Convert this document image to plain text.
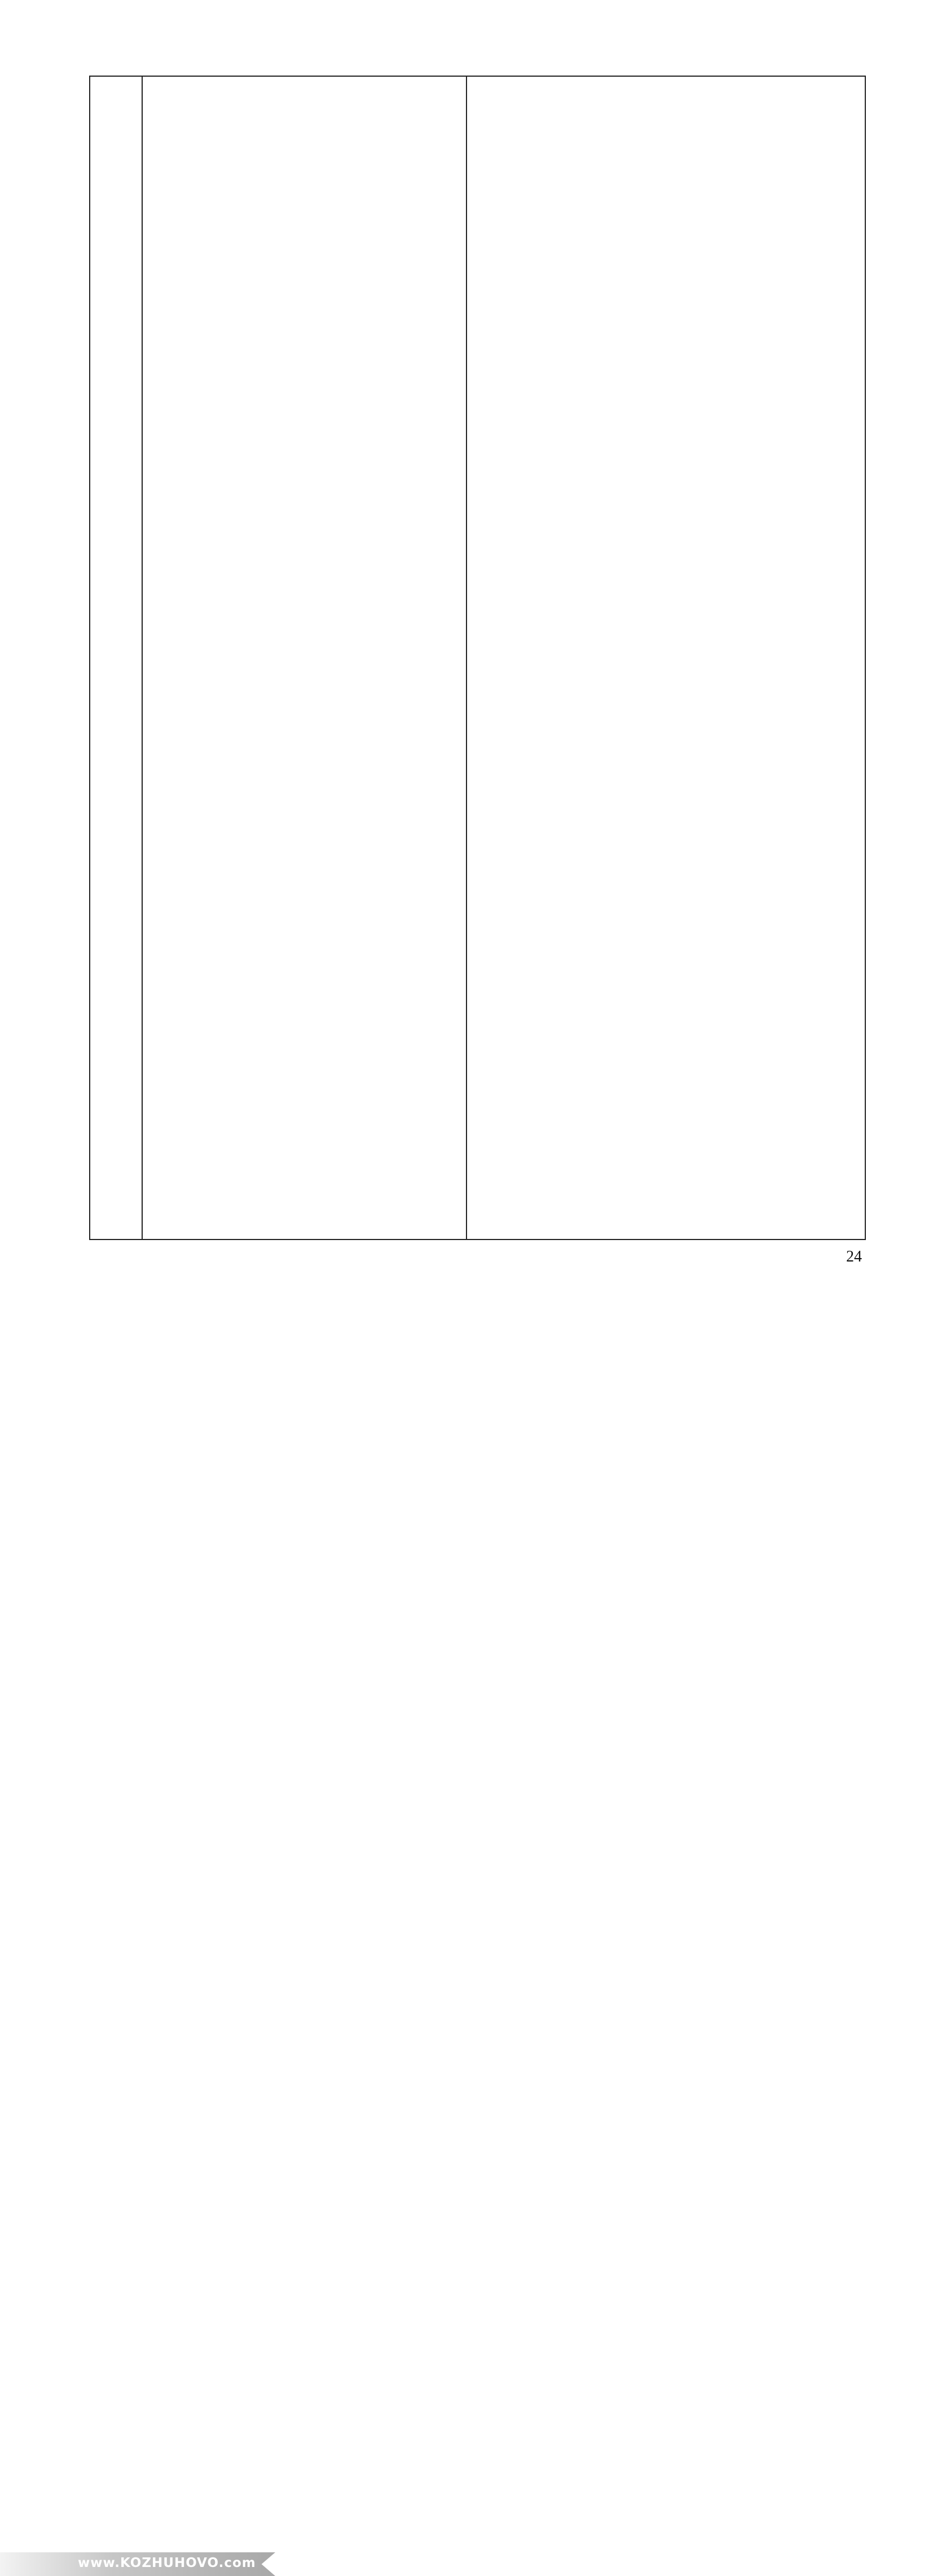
24
www.KOZHUHOVO.com
